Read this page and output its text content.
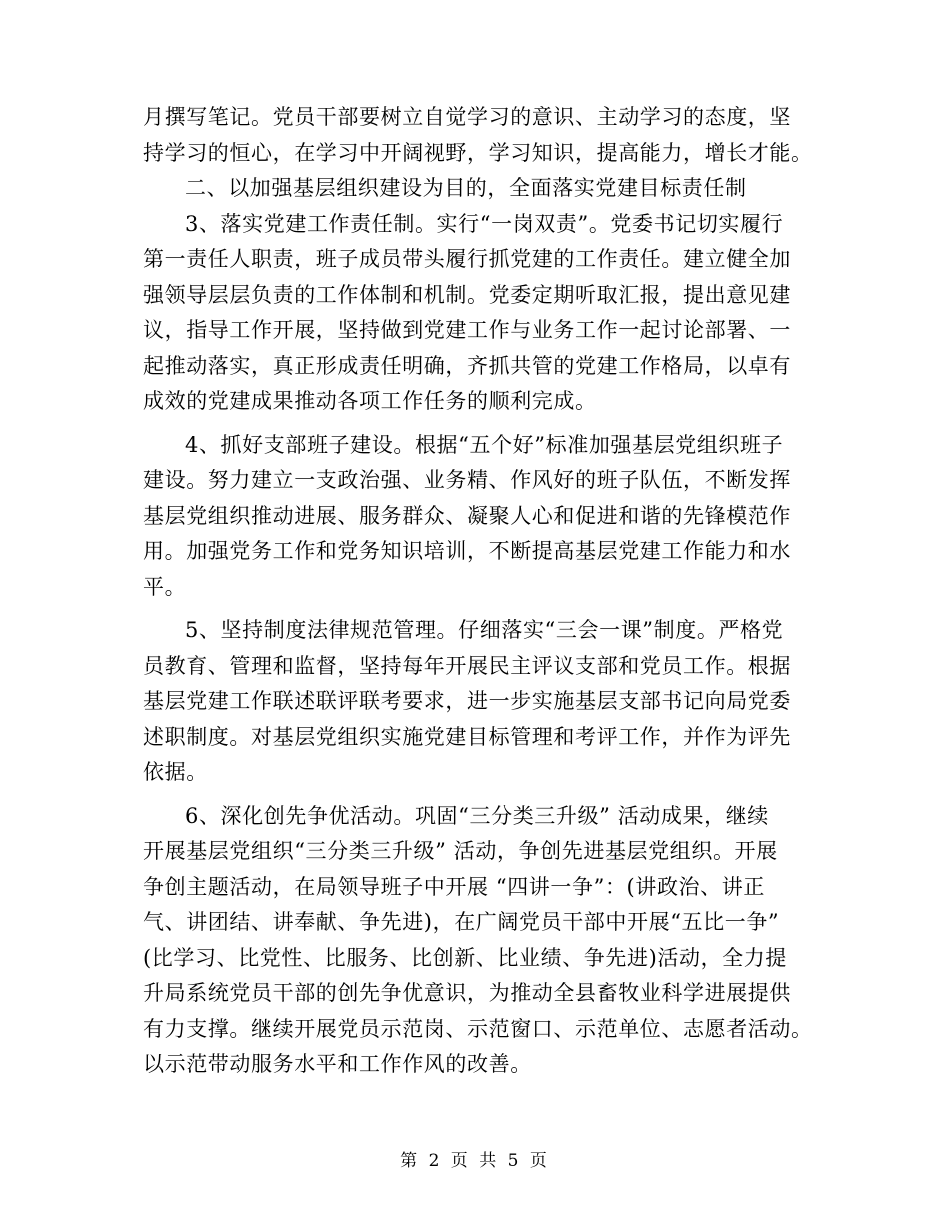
月撰写笔记。党员干部要树立自觉学习的意识、主动学习的态度，坚
持学习的恒心，在学习中开阔视野，学习知识，提高能力，增长才能。
二、以加强基层组织建设为目的，全面落实党建目标责任制
3、落实党建工作责任制。实行“一岗双责”。党委书记切实履行
第一责任人职责，班子成员带头履行抓党建的工作责任。建立健全加
强领导层层负责的工作体制和机制。党委定期听取汇报，提出意见建
议，指导工作开展，坚持做到党建工作与业务工作一起讨论部署、一
起推动落实，真正形成责任明确，齐抓共管的党建工作格局，以卓有
成效的党建成果推动各项工作任务的顺利完成。
4、抓好支部班子建设。根据“五个好”标准加强基层党组织班子
建设。努力建立一支政治强、业务精、作风好的班子队伍，不断发挥
基层党组织推动进展、服务群众、凝聚人心和促进和谐的先锋模范作
用。加强党务工作和党务知识培训，不断提高基层党建工作能力和水
平。
5、坚持制度法律规范管理。仔细落实“三会一课”制度。严格党
员教育、管理和监督，坚持每年开展民主评议支部和党员工作。根据
基层党建工作联述联评联考要求，进一步实施基层支部书记向局党委
述职制度。对基层党组织实施党建目标管理和考评工作，并作为评先
依据。
6、深化创先争优活动。巩固“三分类三升级” 活动成果，继续
开展基层党组织“三分类三升级” 活动，争创先进基层党组织。开展
争创主题活动，在局领导班子中开展 “四讲一争”：(讲政治、讲正
气、讲团结、讲奉献、争先进)，在广阔党员干部中开展“五比一争”
(比学习、比党性、比服务、比创新、比业绩、争先进)活动，全力提
升局系统党员干部的创先争优意识，为推动全县畜牧业科学进展提供
有力支撑。继续开展党员示范岗、示范窗口、示范单位、志愿者活动。
以示范带动服务水平和工作作风的改善。
第 2 页 共 5 页
